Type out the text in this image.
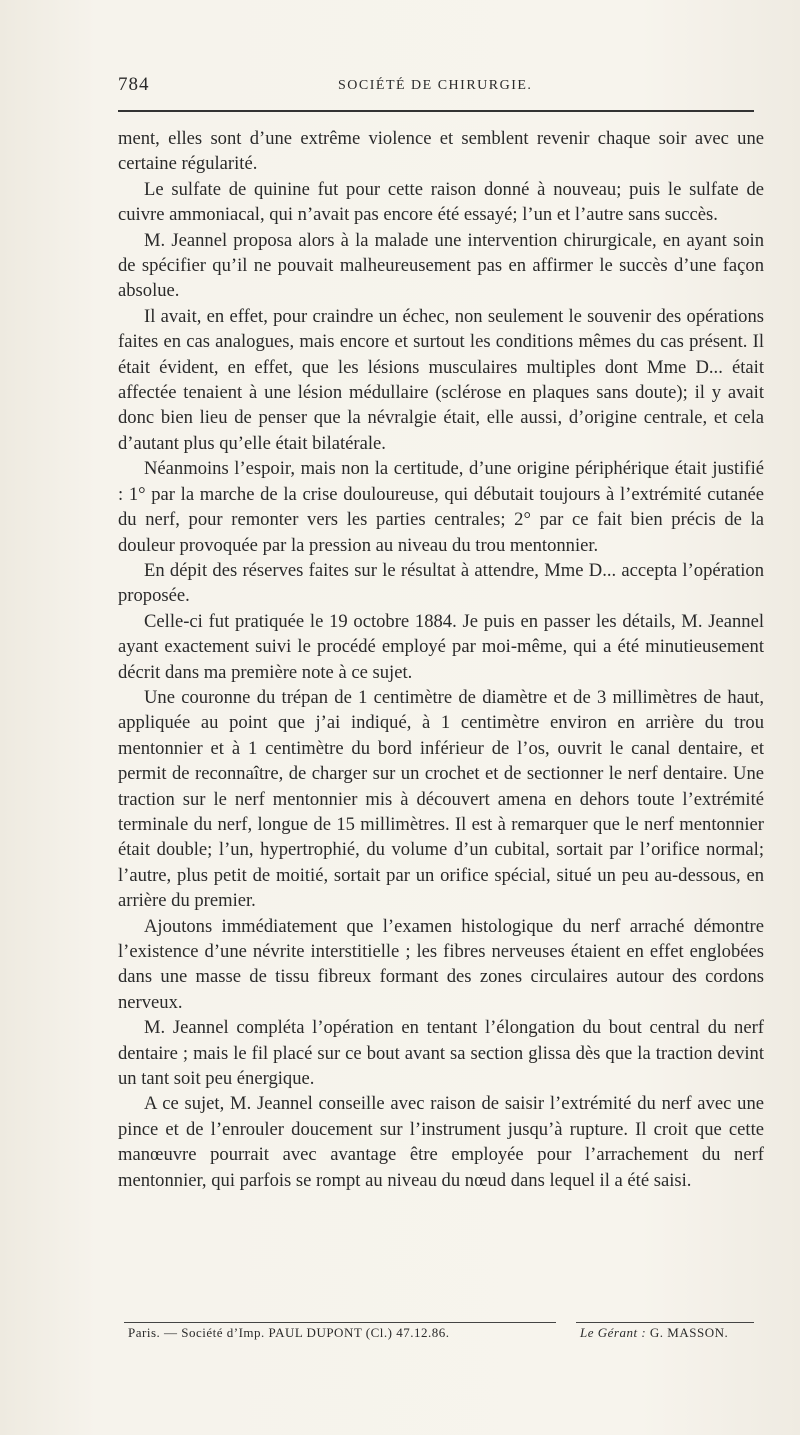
784	SOCIÉTÉ DE CHIRURGIE.

ment, elles sont d’une extrême violence et semblent revenir chaque soir avec une certaine régularité.

Le sulfate de quinine fut pour cette raison donné à nouveau; puis le sulfate de cuivre ammoniacal, qui n’avait pas encore été essayé; l’un et l’autre sans succès.

M. Jeannel proposa alors à la malade une intervention chirurgicale, en ayant soin de spécifier qu’il ne pouvait malheureusement pas en affirmer le succès d’une façon absolue.

Il avait, en effet, pour craindre un échec, non seulement le souvenir des opérations faites en cas analogues, mais encore et surtout les conditions mêmes du cas présent. Il était évident, en effet, que les lésions musculaires multiples dont Mme D... était affectée tenaient à une lésion médullaire (sclérose en plaques sans doute); il y avait donc bien lieu de penser que la névralgie était, elle aussi, d’origine centrale, et cela d’autant plus qu’elle était bilatérale.

Néanmoins l’espoir, mais non la certitude, d’une origine périphérique était justifié : 1° par la marche de la crise douloureuse, qui débutait toujours à l’extrémité cutanée du nerf, pour remonter vers les parties centrales; 2° par ce fait bien précis de la douleur provoquée par la pression au niveau du trou mentonnier.

En dépit des réserves faites sur le résultat à attendre, Mme D... accepta l’opération proposée.

Celle-ci fut pratiquée le 19 octobre 1884. Je puis en passer les détails, M. Jeannel ayant exactement suivi le procédé employé par moi-même, qui a été minutieusement décrit dans ma première note à ce sujet.

Une couronne du trépan de 1 centimètre de diamètre et de 3 millimètres de haut, appliquée au point que j’ai indiqué, à 1 centimètre environ en arrière du trou mentonnier et à 1 centimètre du bord inférieur de l’os, ouvrit le canal dentaire, et permit de reconnaître, de charger sur un crochet et de sectionner le nerf dentaire. Une traction sur le nerf mentonnier mis à découvert amena en dehors toute l’extrémité terminale du nerf, longue de 15 millimètres. Il est à remarquer que le nerf mentonnier était double; l’un, hypertrophié, du volume d’un cubital, sortait par l’orifice normal; l’autre, plus petit de moitié, sortait par un orifice spécial, situé un peu au-dessous, en arrière du premier.

Ajoutons immédiatement que l’examen histologique du nerf arraché démontre l’existence d’une névrite interstitielle ; les fibres nerveuses étaient en effet englobées dans une masse de tissu fibreux formant des zones circulaires autour des cordons nerveux.

M. Jeannel compléta l’opération en tentant l’élongation du bout central du nerf dentaire ; mais le fil placé sur ce bout avant sa section glissa dès que la traction devint un tant soit peu énergique.

A ce sujet, M. Jeannel conseille avec raison de saisir l’extrémité du nerf avec une pince et de l’enrouler doucement sur l’instrument jusqu’à rupture. Il croit que cette manœuvre pourrait avec avantage être employée pour l’arrachement du nerf mentonnier, qui parfois se rompt au niveau du nœud dans lequel il a été saisi.

Paris. — Société d’Imp. PAUL DUPONT (Cl.) 47.12.86.	Le Gérant : G. MASSON.
